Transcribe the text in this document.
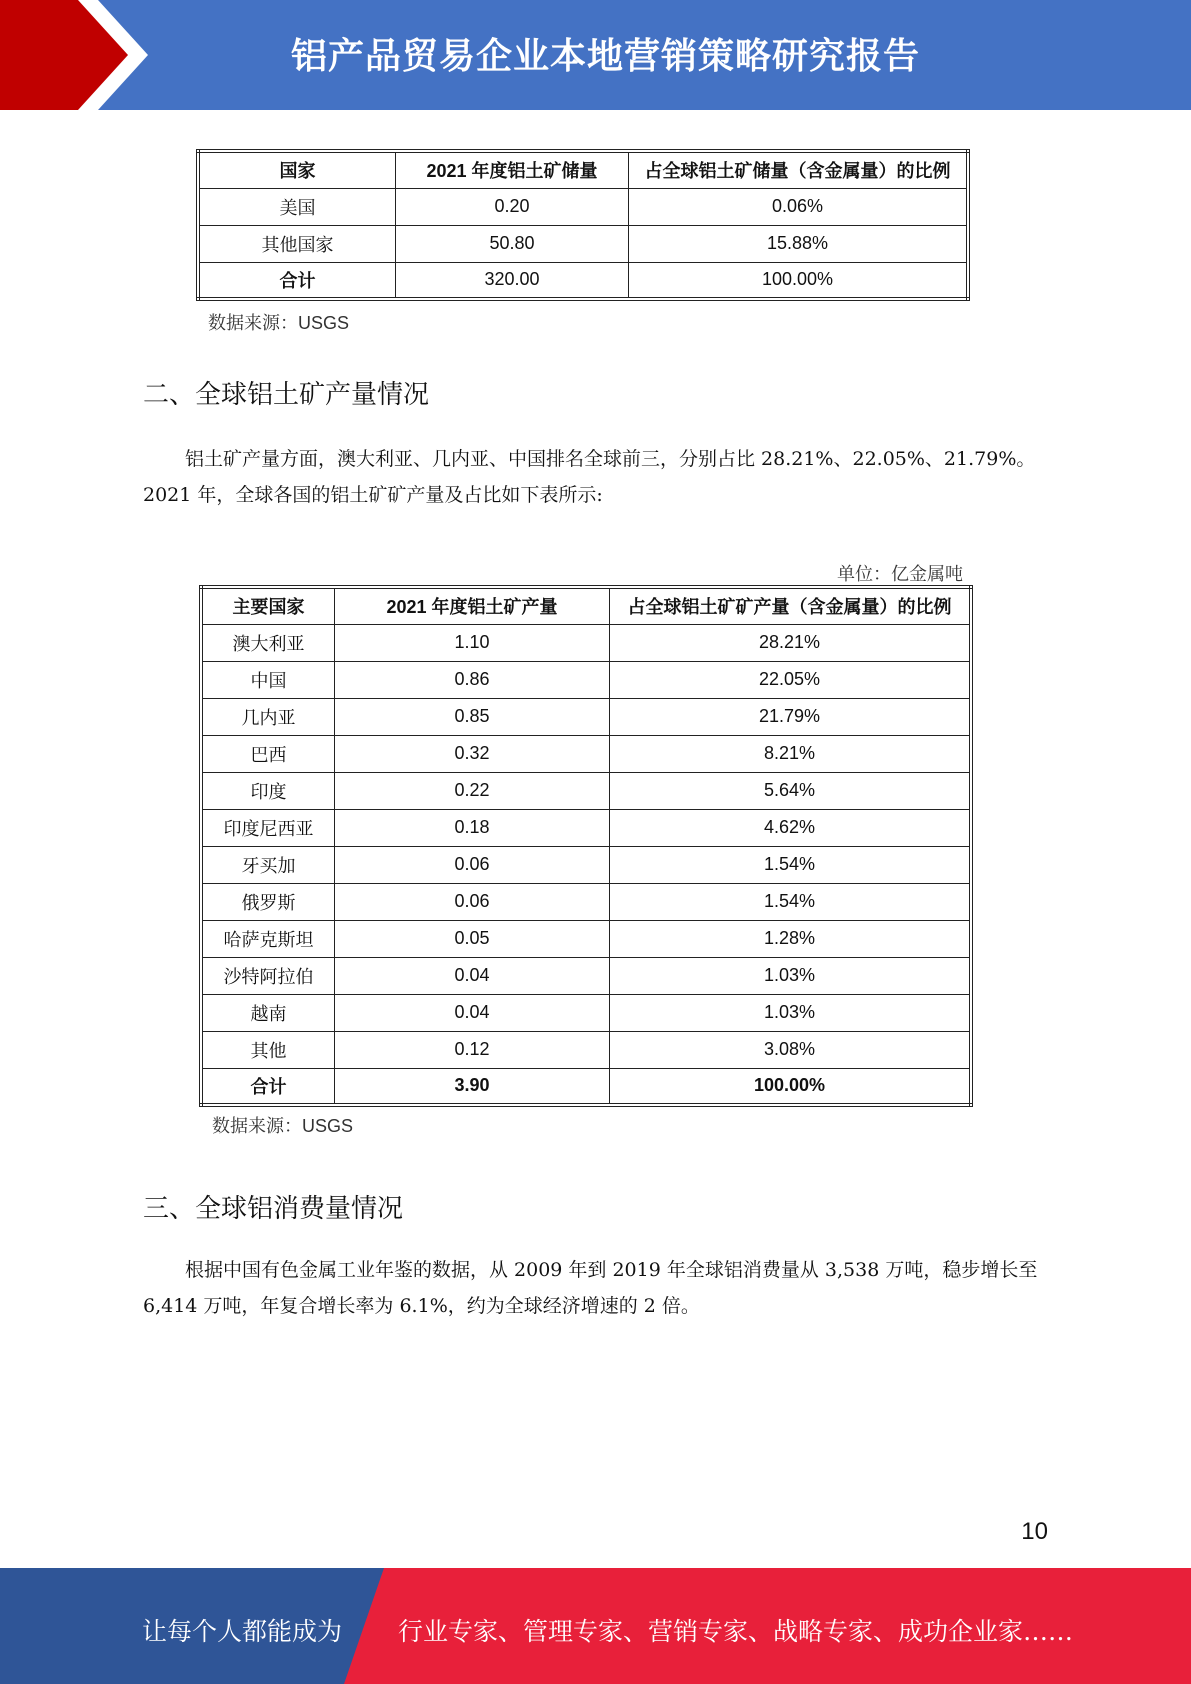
铝产品贸易企业本地营销策略研究报告
国家	2021 年度铝土矿储量	占全球铝土矿储量（含金属量）的比例
美国	0.20	0.06%
其他国家	50.80	15.88%
合计	320.00	100.00%
数据来源：USGS
二、全球铝土矿产量情况
铝土矿产量方面，澳大利亚、几内亚、中国排名全球前三，分别占比 28.21%、22.05%、21.79%。2021 年，全球各国的铝土矿矿产量及占比如下表所示:
单位：亿金属吨
主要国家	2021 年度铝土矿产量	占全球铝土矿矿产量（含金属量）的比例
澳大利亚	1.10	28.21%
中国	0.86	22.05%
几内亚	0.85	21.79%
巴西	0.32	8.21%
印度	0.22	5.64%
印度尼西亚	0.18	4.62%
牙买加	0.06	1.54%
俄罗斯	0.06	1.54%
哈萨克斯坦	0.05	1.28%
沙特阿拉伯	0.04	1.03%
越南	0.04	1.03%
其他	0.12	3.08%
合计	3.90	100.00%
数据来源：USGS
三、全球铝消费量情况
根据中国有色金属工业年鉴的数据，从 2009 年到 2019 年全球铝消费量从 3,538 万吨，稳步增长至 6,414 万吨，年复合增长率为 6.1%，约为全球经济增速的 2 倍。
10
让每个人都能成为 行业专家、管理专家、营销专家、战略专家、成功企业家……
